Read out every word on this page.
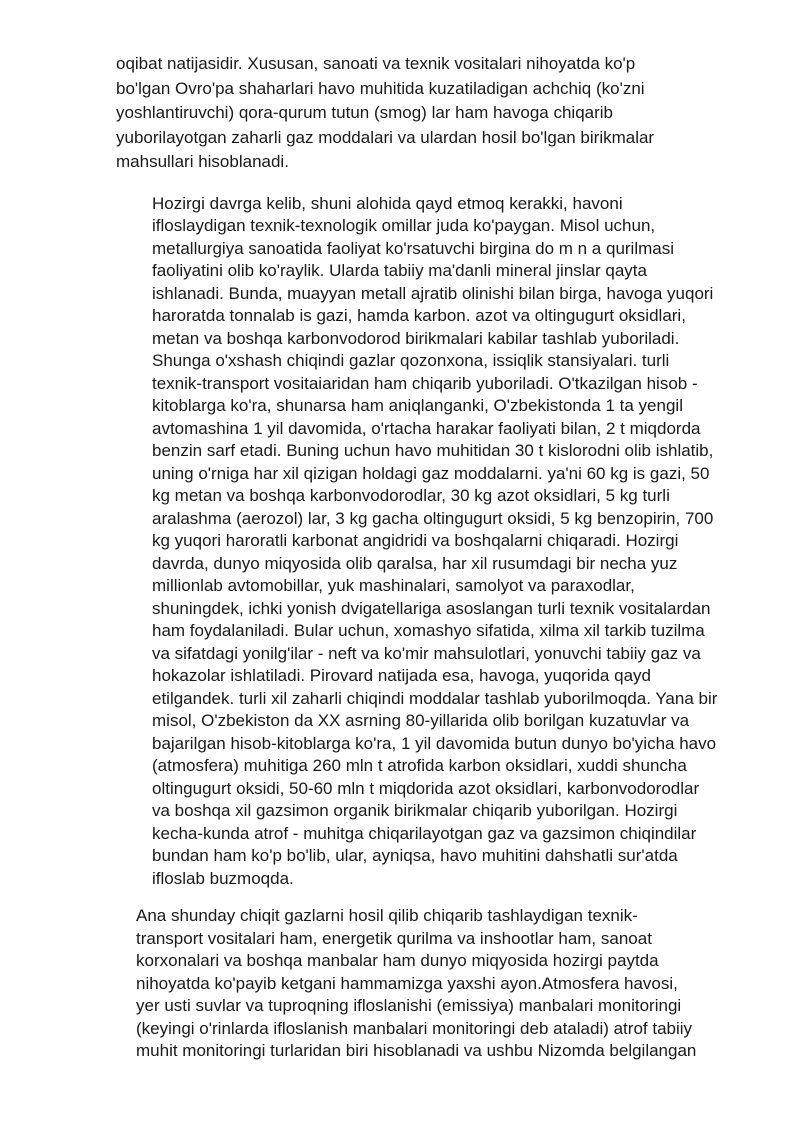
oqibat natijasidir. Xususan, sanoati va texnik vositalari nihoyatda ko'p
bo'lgan Ovro'pa shaharlari havo muhitida kuzatiladigan achchiq (ko'zni
yoshlantiruvchi) qora-qurum tutun (smog) lar ham havoga chiqarib
yuborilayotgan zaharli gaz moddalari va ulardan hosil bo'lgan birikmalar
mahsullari hisoblanadi.

Hozirgi davrga kelib, shuni alohida qayd etmoq kerakki, havoni
ifloslaydigan texnik-texnologik omillar juda ko'paygan. Misol uchun,
metallurgiya sanoatida faoliyat ko'rsatuvchi birgina do m n a qurilmasi
faoliyatini olib ko'raylik. Ularda tabiiy ma'danli mineral jinslar qayta
ishlanadi. Bunda, muayyan metall ajratib olinishi bilan birga, havoga yuqori
haroratda tonnalab is gazi, hamda karbon. azot va oltingugurt oksidlari,
metan va boshqa karbonvodorod birikmalari kabilar tashlab yuboriladi.
Shunga o'xshash chiqindi gazlar qozonxona, issiqlik stansiyalari. turli
texnik-transport vositaiaridan ham chiqarib yuboriladi. O'tkazilgan hisob -
kitoblarga ko'ra, shunarsa ham aniqlanganki, O'zbekistonda 1 ta yengil
avtomashina 1 yil davomida, o'rtacha harakar faoliyati bilan, 2 t miqdorda
benzin sarf etadi. Buning uchun havo muhitidan 30 t kislorodni olib ishlatib,
uning o'rniga har xil qizigan holdagi gaz moddalarni. ya'ni 60 kg is gazi, 50
kg metan va boshqa karbonvodorodlar, 30 kg azot oksidlari, 5 kg turli
aralashma (aerozol) lar, 3 kg gacha oltingugurt oksidi, 5 kg benzopirin, 700
kg yuqori haroratli karbonat angidridi va boshqalarni chiqaradi. Hozirgi
davrda, dunyo miqyosida olib qaralsa, har xil rusumdagi bir necha yuz
millionlab avtomobillar, yuk mashinalari, samolyot va paraxodlar,
shuningdek, ichki yonish dvigatellariga asoslangan turli texnik vositalardan
ham foydalaniladi. Bular uchun, xomashyo sifatida, xilma xil tarkib tuzilma
va sifatdagi yonilg'ilar - neft va ko'mir mahsulotlari, yonuvchi tabiiy gaz va
hokazolar ishlatiladi. Pirovard natijada esa, havoga, yuqorida qayd
etilgandek. turli xil zaharli chiqindi moddalar tashlab yuborilmoqda. Yana bir
misol, O'zbekiston da XX asrning 80-yillarida olib borilgan kuzatuvlar va
bajarilgan hisob-kitoblarga ko'ra, 1 yil davomida butun dunyo bo'yicha havo
(atmosfera) muhitiga 260 mln t atrofida karbon oksidlari, xuddi shuncha
oltingugurt oksidi, 50-60 mln t miqdorida azot oksidlari, karbonvodorodlar
va boshqa xil gazsimon organik birikmalar chiqarib yuborilgan. Hozirgi
kecha-kunda atrof - muhitga chiqarilayotgan gaz va gazsimon chiqindilar
bundan ham ko'p bo'lib, ular, ayniqsa, havo muhitini dahshatli sur'atda
ifloslab buzmoqda.

Ana shunday chiqit gazlarni hosil qilib chiqarib tashlaydigan texnik-
transport vositalari ham, energetik qurilma va inshootlar ham, sanoat
korxonalari va boshqa manbalar ham dunyo miqyosida hozirgi paytda
nihoyatda ko'payib ketgani hammamizga yaxshi ayon.Atmosfera havosi,
yer usti suvlar va tuproqning ifloslanishi (emissiya) manbalari monitoringi
(keyingi o'rinlarda ifloslanish manbalari monitoringi deb ataladi) atrof tabiiy
muhit monitoringi turlaridan biri hisoblanadi va ushbu Nizomda belgilangan
